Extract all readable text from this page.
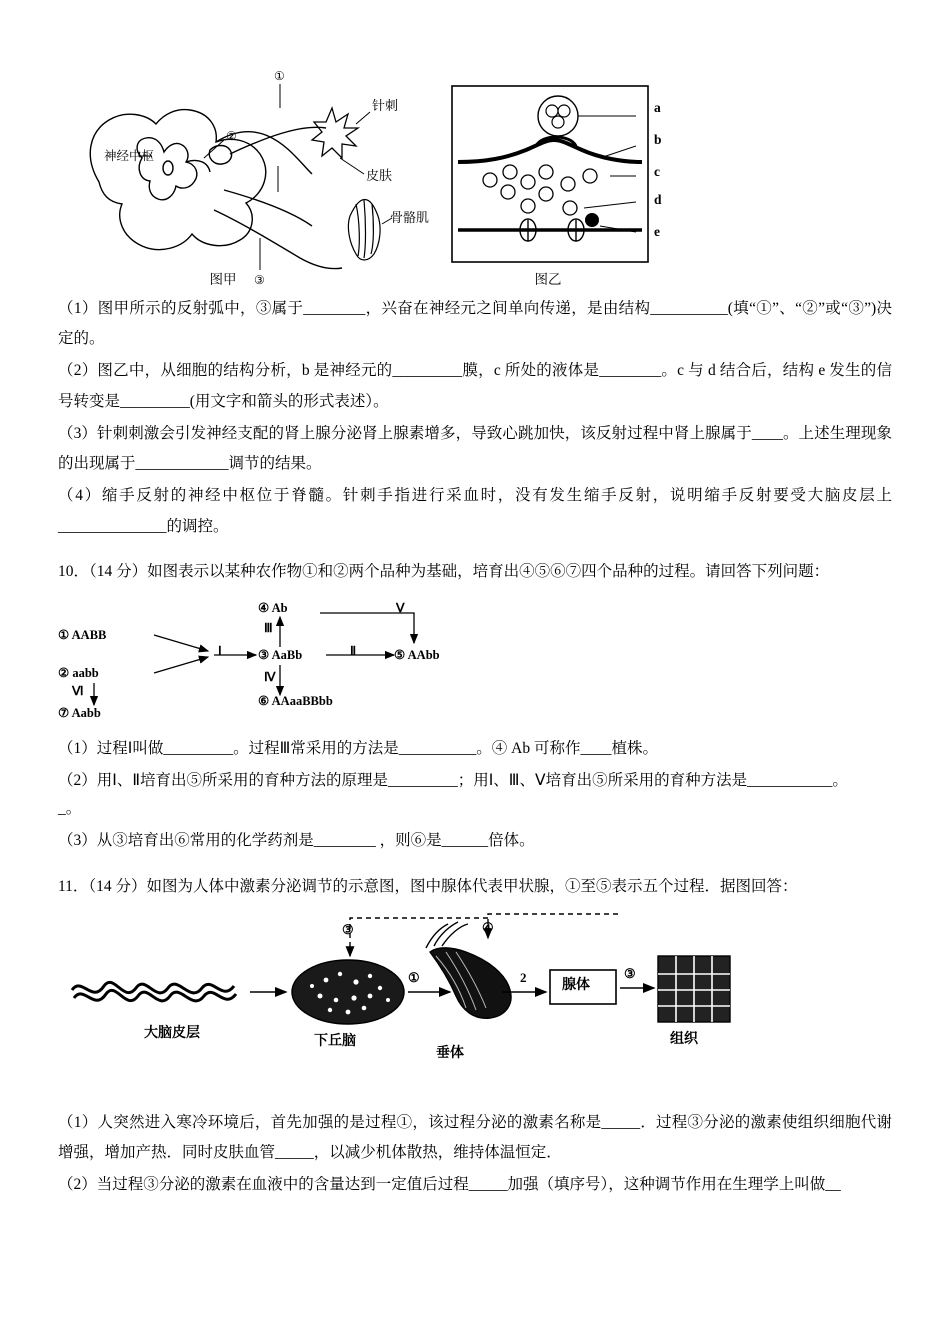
①
②
③
神经中枢
针刺
皮肤
骨骼肌
a
b
c
d
e
图甲	图乙

（1）图甲所示的反射弧中，③属于________，兴奋在神经元之间单向传递，是由结构__________(填“①”、“②”或“③”)决定的。

（2）图乙中，从细胞的结构分析，b 是神经元的_________膜，c 所处的液体是________。c 与 d 结合后，结构 e 发生的信号转变是_________(用文字和箭头的形式表述）。

（3）针刺刺激会引发神经支配的肾上腺分泌肾上腺素增多，导致心跳加快，该反射过程中肾上腺属于____。上述生理现象的出现属于____________调节的结果。

（4）缩手反射的神经中枢位于脊髓。针刺手指进行采血时，没有发生缩手反射，说明缩手反射要受大脑皮层上______________的调控。

10．（14 分）如图表示以某种农作物①和②两个品种为基础，培育出④⑤⑥⑦四个品种的过程。请回答下列问题：

① AABB
② aabb
Ⅵ
⑦ Aabb
Ⅰ
④ Ab
Ⅲ
③ AaBb
Ⅳ
⑥ AAaaBBbb
Ⅱ
Ⅴ
⑤ AAbb

（1）过程Ⅰ叫做_________。过程Ⅲ常采用的方法是__________。④ Ab 可称作____植株。

（2）用Ⅰ、Ⅱ培育出⑤所采用的育种方法的原理是_________；用Ⅰ、Ⅲ、Ⅴ培育出⑤所采用的育种方法是___________。

_。

（3）从③培育出⑥常用的化学药剂是________ ，则⑥是______倍体。

11．（14 分）如图为人体中激素分泌调节的示意图，图中腺体代表甲状腺，①至⑤表示五个过程．据图回答：

大脑皮层
下丘脑
垂体
腺体
组织
①	2	③
③	④

（1）人突然进入寒冷环境后，首先加强的是过程①，该过程分泌的激素名称是_____．过程③分泌的激素使组织细胞代谢增强，增加产热．同时皮肤血管_____，以减少机体散热，维持体温恒定．

（2）当过程③分泌的激素在血液中的含量达到一定值后过程_____加强（填序号），这种调节作用在生理学上叫做__
